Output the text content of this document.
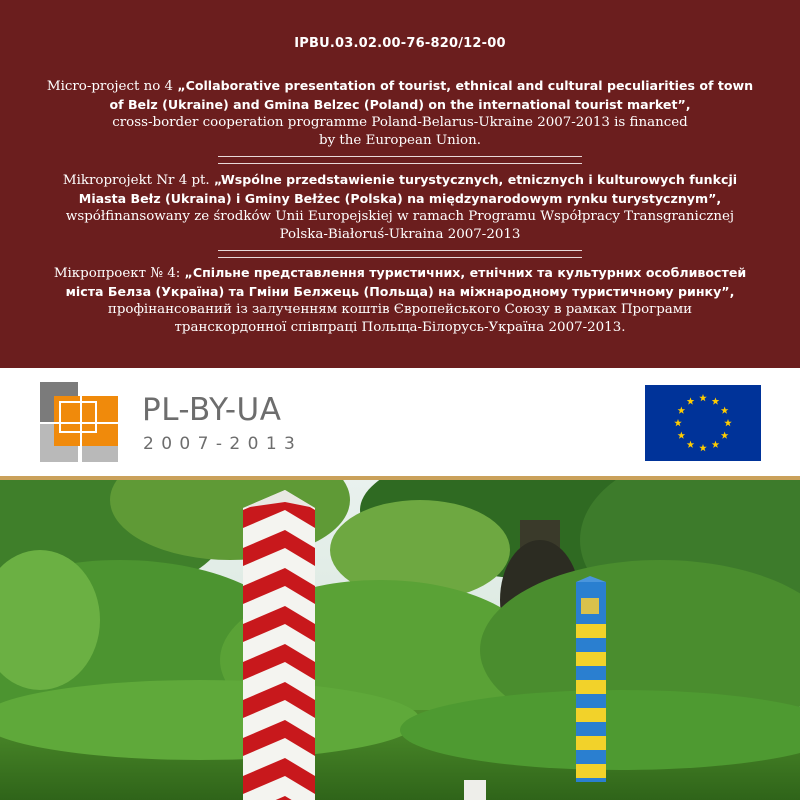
IPBU.03.02.00-76-820/12-00
Micro-project no 4 „Collaborative presentation of tourist, ethnical and cultural peculiarities of town
of Belz (Ukraine) and Gmina Belzec (Poland) on the international tourist market”,
cross-border cooperation programme Poland-Belarus-Ukraine 2007-2013 is financed
by the European Union.
Mikroprojekt Nr 4 pt. „Wspólne przedstawienie turystycznych, etnicznych i kulturowych funkcji
Miasta Bełz (Ukraina) i Gminy Bełżec (Polska) na międzynarodowym rynku turystycznym”,
współfinansowany ze środków Unii Europejskiej w ramach Programu Współpracy Transgranicznej
Polska-Białoruś-Ukraina 2007-2013
Мікропроект № 4: „Спільне представлення туристичних, етнічних та культурних особливостей
міста Белза (Україна) та Гміни Белжець (Польща) на міжнародному туристичному ринку”,
профінансований із залученням коштів Європейського Союзу в рамках Програми
транскордонної співпраці Польща-Білорусь-Україна 2007-2013.
PL-BY-UA
2007-2013
